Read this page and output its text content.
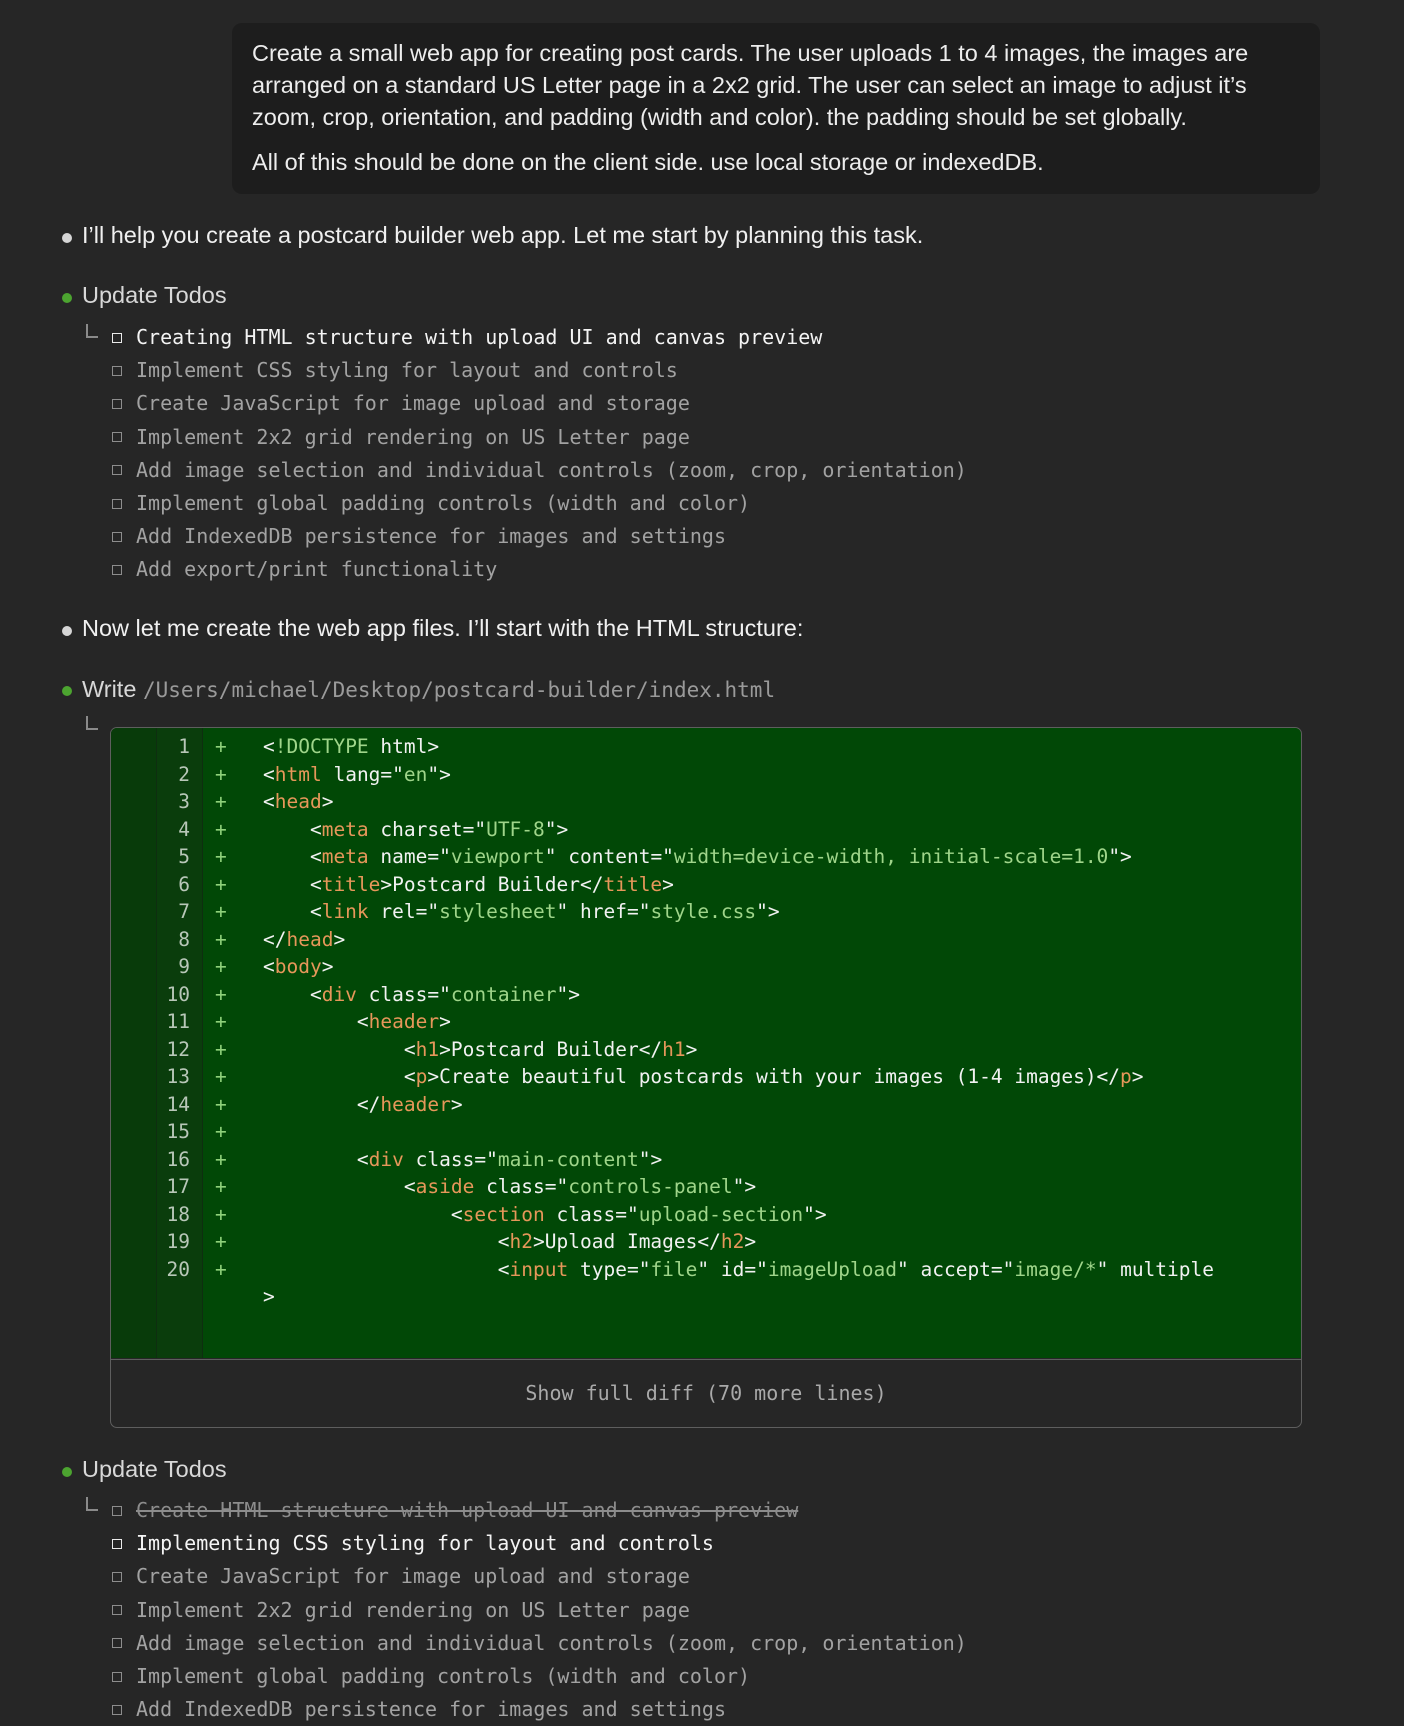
Create a small web app for creating post cards. The user uploads 1 to 4 images, the images are arranged on a standard US Letter page in a 2x2 grid. The user can select an image to adjust it’s zoom, crop, orientation, and padding (width and color). the padding should be set globally.

All of this should be done on the client side. use local storage or indexedDB.

I’ll help you create a postcard builder web app. Let me start by planning this task.
Update Todos
Creating HTML structure with upload UI and canvas preview
Implement CSS styling for layout and controls
Create JavaScript for image upload and storage
Implement 2x2 grid rendering on US Letter page
Add image selection and individual controls (zoom, crop, orientation)
Implement global padding controls (width and color)
Add IndexedDB persistence for images and settings
Add export/print functionality
Now let me create the web app files. I’ll start with the HTML structure:
Write /Users/michael/Desktop/postcard-builder/index.html
1 + <!DOCTYPE html>
2 + <html lang="en">
3 + <head>
4 + <meta charset="UTF-8">
5 + <meta name="viewport" content="width=device-width, initial-scale=1.0">
6 + <title>Postcard Builder</title>
7 + <link rel="stylesheet" href="style.css">
8 + </head>
9 + <body>
10 + <div class="container">
11 + <header>
12 + <h1>Postcard Builder</h1>
13 + <p>Create beautiful postcards with your images (1-4 images)</p>
14 + </header>
15 +
16 + <div class="main-content">
17 + <aside class="controls-panel">
18 + <section class="upload-section">
19 + <h2>Upload Images</h2>
20 + <input type="file" id="imageUpload" accept="image/*" multiple
>
Show full diff (70 more lines)
Update Todos
Create HTML structure with upload UI and canvas preview
Implementing CSS styling for layout and controls
Create JavaScript for image upload and storage
Implement 2x2 grid rendering on US Letter page
Add image selection and individual controls (zoom, crop, orientation)
Implement global padding controls (width and color)
Add IndexedDB persistence for images and settings
